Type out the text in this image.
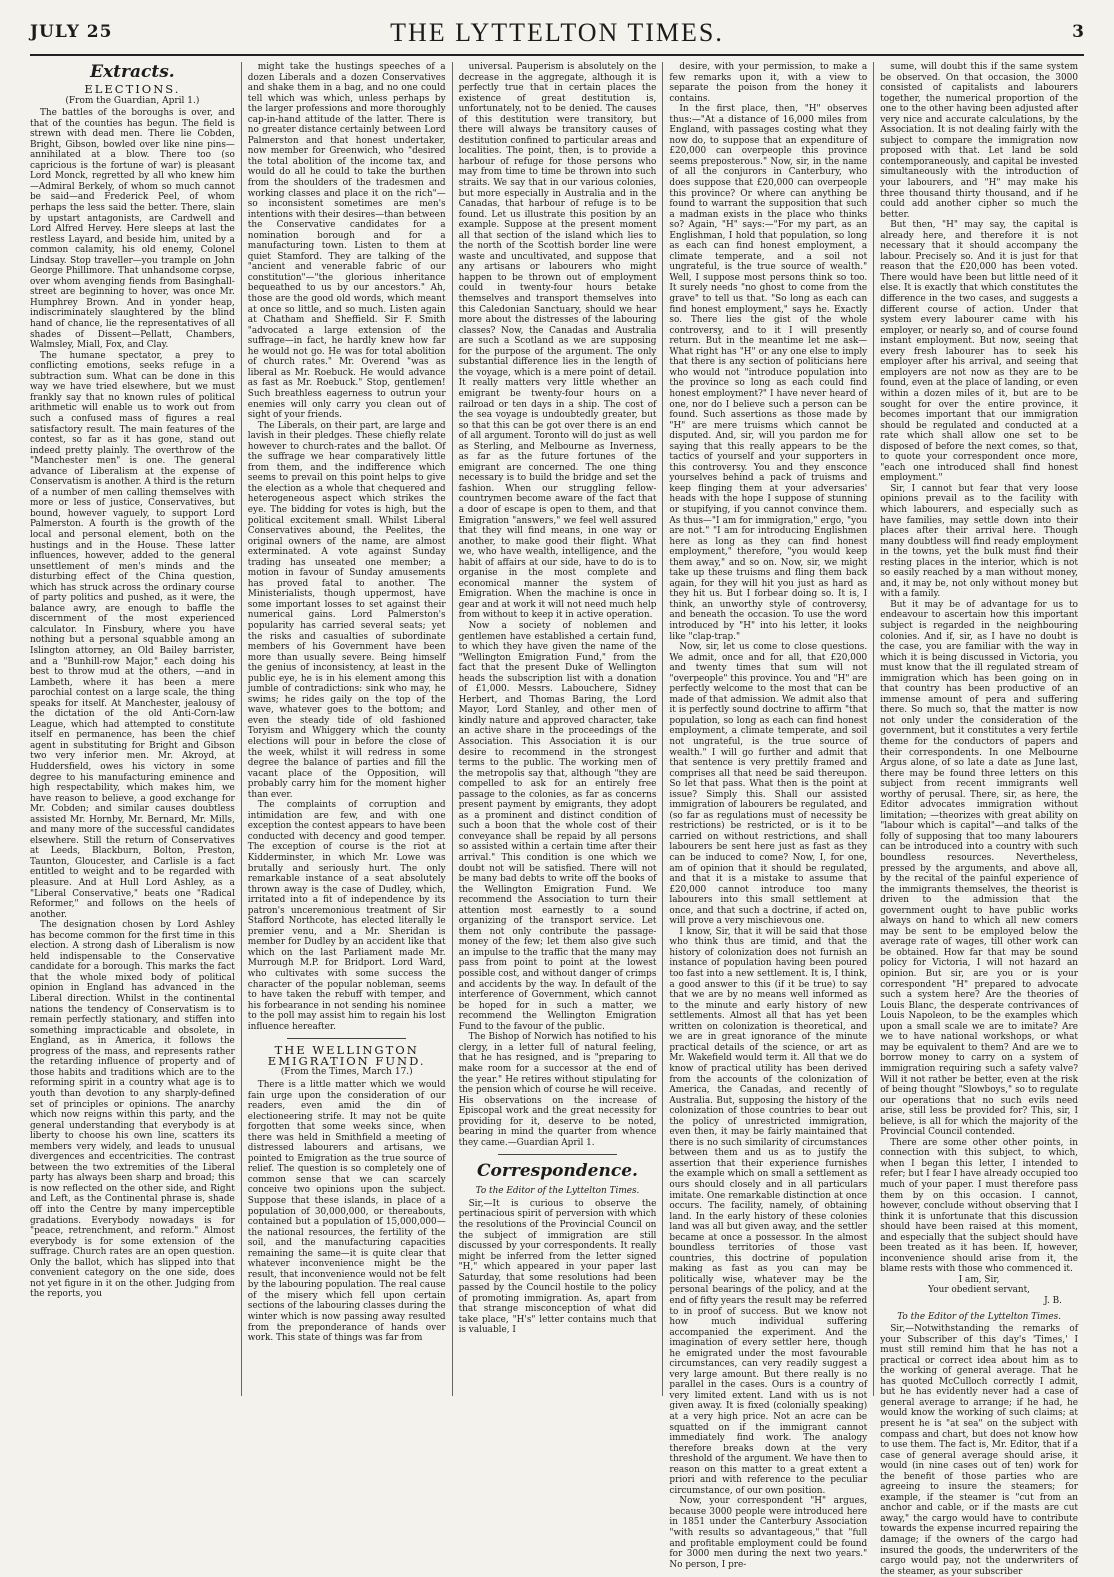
JULY 25	THE LYTTELTON TIMES.	3
Extracts.
ELECTIONS.
(From the Guardian, April 1.)

The battles of the boroughs is over, and that of the counties has begun. The field is strewn with dead men. There lie Cobden, Bright, Gibson, bowled over like nine pins—annihilated at a blow. There too (so capricious is the fortune of war) is pleasant Lord Monck, regretted by all who knew him—Admiral Berkely, of whom so much cannot be said—and Frederick Peel, of whom perhaps the less said the better. There, slain by upstart antagonists, are Cardwell and Lord Alfred Hervey. Here sleeps at last the restless Layard, and beside him, united by a common calamity, his old enemy, Colonel Lindsay. Stop traveller—you trample on John George Phillimore. That unhandsome corpse, over whom avenging fiends from Basinghall-street are beginning to hover, was once Mr. Humphrey Brown. And in yonder heap, indiscriminately slaughtered by the blind hand of chance, lie the representatives of all shades of Dissent—Pellatt, Chambers, Walmsley, Miall, Fox, and Clay.

The humane spectator, a prey to conflicting emotions, seeks refuge in a subtraction sum. What can be done in this way we have tried elsewhere, but we must frankly say that no known rules of political arithmetic will enable us to work out from such a confused mass of figures a real satisfactory result. The main features of the contest, so far as it has gone, stand out indeed pretty plainly. The overthrow of the "Manchester men" is one. The general advance of Liberalism at the expense of Conservatism is another. A third is the return of a number of men calling themselves with more or less of justice, Conservatives, but bound, however vaguely, to support Lord Palmerston. A fourth is the growth of the local and personal element, both on the hustings and in the House. These latter influences, however, added to the general unsettlement of men's minds and the disturbing effect of the China question, which has struck across the ordinary course of party politics and pushed, as it were, the balance awry, are enough to baffle the discernment of the most experienced calculator. In Finsbury, where you have nothing but a personal squabble among an Islington attorney, an Old Bailey barrister, and a "Bunhill-row Major," each doing his best to throw mud at the others, —and in Lambeth, where it has been a mere parochial contest on a large scale, the thing speaks for itself. At Manchester, jealousy of the dictation of the old Anti-Corn-law League, which had attempted to constitute itself en permanence, has been the chief agent in substituting for Bright and Gibson two very inferior men. Mr. Akroyd, at Huddersfield, owes his victory in some degree to his manufacturing eminence and high respectability, which makes him, we have reason to believe, a good exchange for Mr. Cobden; and similar causes doubtless assisted Mr. Hornby, Mr. Bernard, Mr. Mills, and many more of the successful candidates elsewhere. Still the return of Conservatives at Leeds, Blackburn, Bolton, Preston, Taunton, Gloucester, and Carlisle is a fact entitled to weight and to be regarded with pleasure. And at Hull Lord Ashley, as a "Liberal Conservative," beats one "Radical Reformer," and follows on the heels of another.

The designation chosen by Lord Ashley has become common for the first time in this election. A strong dash of Liberalism is now held indispensable to the Conservative candidate for a borough. This marks the fact that the whole mixed body of political opinion in England has advanced in the Liberal direction. Whilst in the continental nations the tendency of Conservatism is to remain perfectly stationary, and stiffen into something impracticable and obsolete, in England, as in America, it follows the progress of the mass, and represents rather the retarding influence of property and of those habits and traditions which are to the reforming spirit in a country what age is to youth than devotion to any sharply-defined set of principles or opinions. The anarchy which now reigns within this party, and the general understanding that everybody is at liberty to choose his own line, scatters its members very widely, and leads to unusual divergences and eccentricities. The contrast between the two extremities of the Liberal party has always been sharp and broad; this is now reflected on the other side, and Right and Left, as the Continental phrase is, shade off into the Centre by many imperceptible gradations. Everybody nowadays is for "peace, retrenchment, and reform." Almost everybody is for some extension of the suffrage. Church rates are an open question. Only the ballot, which has slipped into that convenient category on the one side, does not yet figure in it on the other. Judging from the reports, you

might take the hustings speeches of a dozen Liberals and a dozen Conservatives and shake them in a bag, and no one could tell which was which, unless perhaps by the larger professions and more thoroughly cap-in-hand attitude of the latter. There is no greater distance certainly between Lord Palmerston and that honest undertaker, now member for Greenwich, who "desired the total abolition of the income tax, and would do all he could to take the burthen from the shoulders of the tradesmen and working classes and place it on the rich"—so inconsistent sometimes are men's intentions with their desires—than between the Conservative candidates for a nomination borough and for a manufacturing town. Listen to them at quiet Stamford. They are talking of the "ancient and venerable fabric of our constitution"—"the glorious inheritance bequeathed to us by our ancestors." Ah, those are the good old words, which meant at once so little, and so much. Listen again at Chatham and Sheffield. Sir F. Smith "advocated a large extension of the suffrage—in fact, he hardly knew how far he would not go. He was for total abolition of church rates." Mr. Overend "was as liberal as Mr. Roebuck. He would advance as fast as Mr. Roebuck." Stop, gentlemen! Such breathless eagerness to outrun your enemies will only carry you clean out of sight of your friends.

The Liberals, on their part, are large and lavish in their pledges. These chiefly relate however to church-rates and the ballot. Of the suffrage we hear comparatively little from them, and the indifference which seems to prevail on this point helps to give the election as a whole that chequered and heterogeneous aspect which strikes the eye. The bidding for votes is high, but the political excitement small. Whilst Liberal Conservatives abound, the Peelites, the original owners of the name, are almost exterminated. A vote against Sunday trading has unseated one member; a motion in favour of Sunday amusements has proved fatal to another. The Ministerialists, though uppermost, have some important losses to set against their numerical gains. Lord Palmerston's popularity has carried several seats; yet the risks and casualties of subordinate members of his Government have been more than usually severe. Being himself the genius of inconsistency, at least in the public eye, he is in his element among this jumble of contradictions: sink who may, he swims; he rides gaily on the top of the wave, whatever goes to the bottom; and even the steady tide of old fashioned Toryism and Whiggery which the county elections will pour in before the close of the week, whilst it will redress in some degree the balance of parties and fill the vacant place of the Opposition, will probably carry him for the moment higher than ever.

The complaints of corruption and intimidation are few, and with one exception the contest appears to have been conducted with decency and good temper. The exception of course is the riot at Kidderminster, in which Mr. Lowe was brutally and seriously hurt. The only remarkable instance of a seat absolutely thrown away is the case of Dudley, which, irritated into a fit of independence by its patron's unceremonious treatment of Sir Stafford Northcote, has elected literally le premier venu, and a Mr. Sheridan is member for Dudley by an accident like that which on the last Parliament made Mr. Murrough M.P. for Bridport. Lord Ward, who cultivates with some success the character of the popular nobleman, seems to have taken the rebuff with temper, and his forbearance in not sending his nominee to the poll may assist him to regain his lost influence hereafter.

THE WELLINGTON EMIGRATION FUND.
(From the Times, March 17.)

There is a little matter which we would fain urge upon the consideration of our readers, even amid the din of electioneering strife. It may not be quite forgotten that some weeks since, when there was held in Smithfield a meeting of distressed labourers and artisans, we pointed to Emigration as the true source of relief. The question is so completely one of common sense that we can scarcely conceive two opinions upon the subject. Suppose that these islands, in place of a population of 30,000,000, or thereabouts, contained but a population of 15,000,000—the national resources, the fertility of the soil, and the manufacturing capacities remaining the same—it is quite clear that whatever inconvenience might be the result, that inconvenience would not be felt by the labouring population. The real cause of the misery which fell upon certain sections of the labouring classes during the winter which is now passing away resulted from the preponderance of hands over work. This state of things was far from

universal. Pauperism is absolutely on the decrease in the aggregate, although it is perfectly true that in certain places the existence of great destitution is, unfortunately, not to be denied. The causes of this destitution were transitory, but there will always be transitory causes of destitution confined to particular areas and localities. The point, then, is to provide a harbour of refuge for those persons who may from time to time be thrown into such straits. We say that in our various colonies, but more especially in Australia and in the Canadas, that harbour of refuge is to be found. Let us illustrate this position by an example. Suppose at the present moment all that section of the island which lies to the north of the Scottish border line were waste and uncultivated, and suppose that any artisans or labourers who might happen to be thrown out of employment could in twenty-four hours betake themselves and transport themselves into this Caledonian Sanctuary, should we hear more about the distresses of the labouring classes? Now, the Canadas and Australia are such a Scotland as we are supposing for the purpose of the argument. The only substantial difference lies in the length of the voyage, which is a mere point of detail. It really matters very little whether an emigrant be twenty-four hours on a railroad or ten days in a ship. The cost of the sea voyage is undoubtedly greater, but so that this can be got over there is an end of all argument. Toronto will do just as well as Sterling, and Melbourne as Inverness, as far as the future fortunes of the emigrant are concerned. The one thing necessary is to build the bridge and set the fashion. When our struggling fellow-countrymen become aware of the fact that a door of escape is open to them, and that Emigration "answers," we feel well assured that they will find means, in one way or another, to make good their flight. What we, who have wealth, intelligence, and the habit of affairs at our side, have to do is to organise in the most complete and economical manner the system of Emigration. When the machine is once in gear and at work it will not need much help from without to keep it in active operation.

Now a society of noblemen and gentlemen have established a certain fund, to which they have given the name of the "Wellington Emigration Fund," from the fact that the present Duke of Wellington heads the subscription list with a donation of £1,000. Messrs. Labouchere, Sidney Herbert, and Thomas Baring, the Lord Mayor, Lord Stanley, and other men of kindly nature and approved character, take an active share in the proceedings of the Association. This Association it is our desire to recommend in the strongest terms to the public. The working men of the metropolis say that, although "they are compelled to ask for an entirely free passage to the colonies, as far as concerns present payment by emigrants, they adopt as a prominent and distinct condition of such a boon that the whole cost of their conveyance shall be repaid by all persons so assisted within a certain time after their arrival." This condition is one which we doubt not will be satisfied. There will not be many bad debts to write off the books of the Wellington Emigration Fund. We recommend the Association to turn their attention most earnestly to a sound organizing of the transport service. Let them not only contribute the passage-money of the few; let them also give such an impulse to the traffic that the many may pass from point to point at the lowest possible cost, and without danger of crimps and accidents by the way. In default of the interference of Government, which cannot be hoped for in such a matter, we recommend the Wellington Emigration Fund to the favour of the public.

The Bishop of Norwich has notified to his clergy, in a letter full of natural feeling, that he has resigned, and is "preparing to make room for a successor at the end of the year." He retires without stipulating for the pension which of course he will receive. His observations on the increase of Episcopal work and the great necessity for providing for it, deserve to be noted, bearing in mind the quarter from whence they came.—Guardian April 1.

Correspondence.
To the Editor of the Lyttelton Times.

Sir,—It is curious to observe the pertinacious spirit of perversion with which the resolutions of the Provincial Council on the subject of immigration are still discussed by your correspondents. It really might be inferred from the letter signed "H," which appeared in your paper last Saturday, that some resolutions had been passed by the Council hostile to the policy of promoting immigration. As, apart from that strange misconception of what did take place, "H's" letter contains much that is valuable, I

desire, with your permission, to make a few remarks upon it, with a view to separate the poison from the honey it contains.

In the first place, then, "H" observes thus:—"At a distance of 16,000 miles from England, with passages costing what they now do, to suppose that an expenditure of £20,000 can overpeople this province seems preposterous." Now, sir, in the name of all the conjurors in Canterbury, who does suppose that £20,000 can overpeople this province? Or where can anything be found to warrant the supposition that such a madman exists in the place who thinks so? Again, "H" says:—"For my part, as an Englishman, I hold that population, so long as each can find honest employment, a climate temperate, and a soil not ungrateful, is the true source of wealth." Well, I suppose most persons think so too. It surely needs "no ghost to come from the grave" to tell us that. "So long as each can find honest employment," says he. Exactly so. There lies the gist of the whole controversy, and to it I will presently return. But in the meantime let me ask—What right has "H" or any one else to imply that there is any section of politicians here who would not "introduce population into the province so long as each could find honest employment?" I have never heard of one, nor do I believe such a person can be found. Such assertions as those made by "H" are mere truisms which cannot be disputed. And, sir, will you pardon me for saying that this really appears to be the tactics of yourself and your supporters in this controversy. You and they ensconce yourselves behind a pack of truisms and keep flinging them at your adversaries' heads with the hope I suppose of stunning or stupifying, if you cannot convince them. As thus—"I am for immigration," ergo, "you are not." "I am for introducing Englishmen here as long as they can find honest employment," therefore, "you would keep them away," and so on. Now, sir, we might take up these truisms and fling them back again, for they will hit you just as hard as they hit us. But I forbear doing so. It is, I think, an unworthy style of controversy, and beneath the occasion. To use the word introduced by "H" into his letter, it looks like "clap-trap."

Now, sir, let us come to close questions. We admit, once and for all, that £20,000 and twenty times that sum will not "overpeople" this province. You and "H" are perfectly welcome to the most that can be made of that admission. We admit also that it is perfectly sound doctrine to affirm "that population, so long as each can find honest employment, a climate temperate, and soil not ungrateful, is the true source of wealth." I will go further and admit that that sentence is very prettily framed and comprises all that need be said thereupon. So let that pass. What then is the point at issue? Simply this. Shall our assisted immigration of labourers be regulated, and (so far as regulations must of necessity be restrictions) be restricted, or is it to be carried on without restrictions, and shall labourers be sent here just as fast as they can be induced to come? Now, I, for one, am of opinion that it should be regulated, and that it is a mistake to assume that £20,000 cannot introduce too many labourers into this small settlement at once, and that such a doctrine, if acted on, will prove a very mischievous one.

I know, Sir, that it will be said that those who think thus are timid, and that the history of colonization does not furnish an instance of population having been poured too fast into a new settlement. It is, I think, a good answer to this (if it be true) to say that we are by no means well informed as to the minute and early history of new settlements. Almost all that has yet been written on colonization is theoretical, and we are in great ignorance of the minute practical details of the science, or art as Mr. Wakefield would term it. All that we do know of practical utility has been derived from the accounts of the colonization of America, the Canadas, and recently of Australia. But, supposing the history of the colonization of those countries to bear out the policy of unrestricted immigration, even then, it may be fairly maintained that there is no such similarity of circumstances between them and us as to justify the assertion that their experience furnishes the example which on small a settlement as ours should closely and in all particulars imitate. One remarkable distinction at once occurs. The facility, namely, of obtaining land. In the early history of these colonies land was all but given away, and the settler became at once a possessor. In the almost boundless territories of those vast countries, this doctrine of population making as fast as you can may be politically wise, whatever may be the personal bearings of the policy, and at the end of fifty years the result may be referred to in proof of success. But we know not how much individual suffering accompanied the experiment. And the imagination of every settler here, though he emigrated under the most favourable circumstances, can very readily suggest a very large amount. But there really is no parallel in the cases. Ours is a country of very limited extent. Land with us is not given away. It is fixed (colonially speaking) at a very high price. Not an acre can be squatted on if the immigrant cannot immediately find work. The analogy therefore breaks down at the very threshold of the argument. We have then to reason on this matter to a great extent a priori and with reference to the peculiar circumstance, of our own position.

Now, your correspondent "H" argues, because 3000 people were introduced here in 1851 under the Canterbury Association "with results so advantageous," that "full and profitable employment could be found for 3000 men during the next two years." No person, I pre-

sume, will doubt this if the same system be observed. On that occasion, the 3000 consisted of capitalists and labourers together, the numerical proportion of the one to the other having been adjusted after very nice and accurate calculations, by the Association. It is not dealing fairly with the subject to compare the immigration now proposed with that. Let land be sold contemporaneously, and capital be invested simultaneously with the introduction of your labourers, and "H" may make his three thousand thirty thousand, and if he could add another cipher so much the better.

But then, "H" may say, the capital is already here, and therefore it is not necessary that it should accompany the labour. Precisely so. And it is just for that reason that the £20,000 has been voted. There would have been but little need of it else. It is exactly that which constitutes the difference in the two cases, and suggests a different course of action. Under that system every labourer came with his employer, or nearly so, and of course found instant employment. But now, seeing that every fresh labourer has to seek his employer after his arrival, and seeing that employers are not now as they are to be found, even at the place of landing, or even within a dozen miles of it, but are to be sought for over the entire province, it becomes important that our immigration should be regulated and conducted at a rate which shall allow one set to be disposed of before the next comes, so that, to quote your correspondent once more, "each one introduced shall find honest employment."

Sir, I cannot but fear that very loose opinions prevail as to the facility with which labourers, and especially such as have families, may settle down into their places after their arrival here. Though many doubtless will find ready employment in the towns, yet the bulk must find their resting places in the interior, which is not so easily reached by a man without money, and, it may be, not only without money but with a family.

But it may be of advantage for us to endeavour to ascertain how this important subject is regarded in the neighbouring colonies. And if, sir, as I have no doubt is the case, you are familiar with the way in which it is being discussed in Victoria, you must know that the ill regulated stream of immigration which has been going on in that country has been productive of an immense amount of pera and suffering there. So much so, that the matter is now not only under the consideration of the government, but it constitutes a very fertile theme for the conductors of papers and their correspondents. In one Melbourne Argus alone, of so late a date as June last, there may be found three letters on this subject from recent immigrants well worthy of perusal. There, sir, as here, the Editor advocates immigration without limitation; —theorizes with great ability on "labour which is capital"—and talks of the folly of supposing that too many labourers can be introduced into a country with such boundless resources. Nevertheless, pressed by the arguments, and above all, by the recital of the painful experience of the immigrants themselves, the theorist is driven to the admission that the government ought to have public works always on hand to which all new comers may be sent to be employed below the average rate of wages, till other work can be obtained. How far that may be sound policy for Victoria, I will not hazard an opinion. But sir, are you or is your correspondent "H" prepared to advocate such a system here? Are the theories of Louis Blanc, the desperate contrivances of Louis Napoleon, to be the examples which upon a small scale we are to imitate? Are we to have national workshops, or what may be equivalent to them? And are we to borrow money to carry on a system of immigration requiring such a safety valve? Will it not rather be better, even at the risk of being thought "Slowboys," so to regulate our operations that no such evils need arise, still less be provided for? This, sir, I believe, is all for which the majority of the Provincial Council contended.

There are some other other points, in connection with this subject, to which, when I began this letter, I intended to refer; but I fear I have already occupied too much of your paper. I must therefore pass them by on this occasion. I cannot, however, conclude without observing that I think it is unfortunate that this discussion should have been raised at this moment, and especially that the subject should have been treated as it has been. If, however, inconvenience should arise from it, the blame rests with those who commenced it.

I am, Sir,
Your obedient servant,
J. B.
To the Editor of the Lyttelton Times.

Sir,—Notwithstanding the remarks of your Subscriber of this day's 'Times,' I must still remind him that he has not a practical or correct idea about him as to the working of general average. That he has quoted McCulloch correctly I admit, but he has evidently never had a case of general average to arrange; if he had, he would know the working of such claims; at present he is "at sea" on the subject with compass and chart, but does not know how to use them. The fact is, Mr. Editor, that if a case of general average should arise, it would (in nine cases out of ten) work for the benefit of those parties who are agreeing to insure the steamers; for example, if the steamer is "cut from an anchor and cable, or if the masts are cut away," the cargo would have to contribute towards the expense incurred repairing the damage; if the owners of the cargo had insured the goods, the underwriters of the cargo would pay, not the underwriters of the steamer, as your subscriber
